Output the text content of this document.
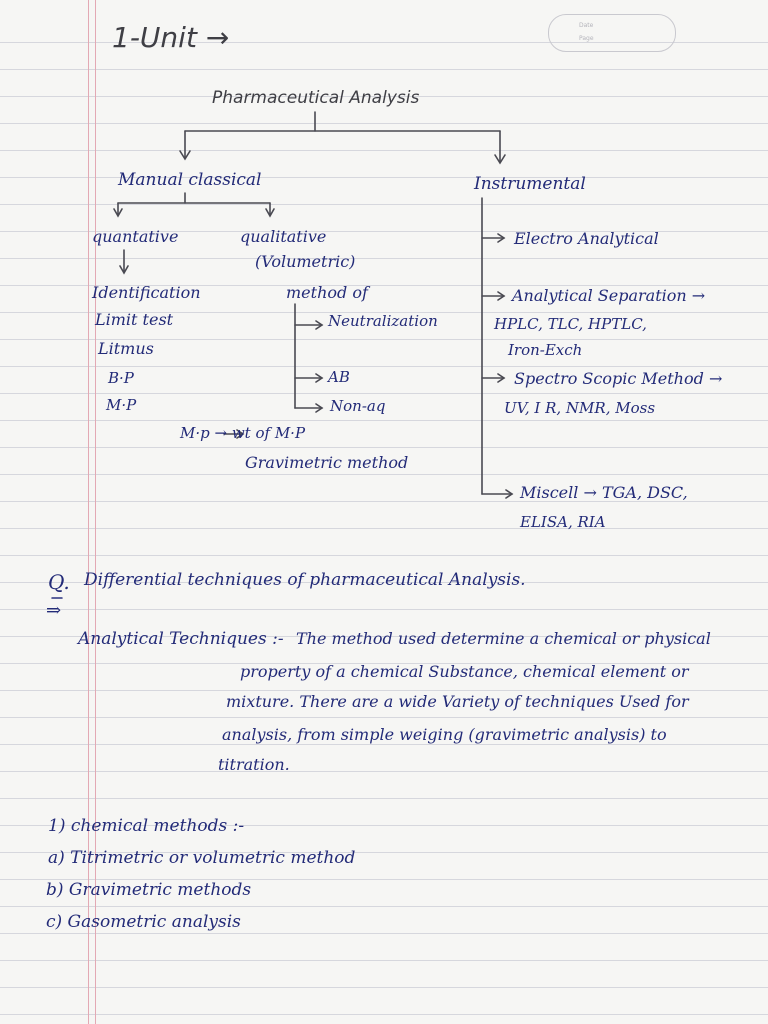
Date
Page
1-Unit →
Pharmaceutical Analysis
Manual classical	Instrumental
quantative	qualitative
(Volumetric)
Identification
Limit test
Litmus
B·P
M·P
method of
Neutralization
AB
Non-aq
M·p → wt of M·P
Gravimetric method
Electro Analytical
Analytical Separation →
HPLC, TLC, HPTLC,
Iron-Exch
Spectro Scopic Method →
UV, I R, NMR, Moss
Miscell → TGA, DSC,
ELISA, RIA
Q. Differential techniques of pharmaceutical Analysis.
⇒
Analytical Techniques :- The method used determine a chemical or physical
property of a chemical Substance, chemical element or
mixture. There are a wide Variety of techniques Used for
analysis, from simple weiging (gravimetric analysis) to
titration.
1) chemical methods :-
a) Titrimetric or volumetric method
b) Gravimetric methods
c) Gasometric analysis
